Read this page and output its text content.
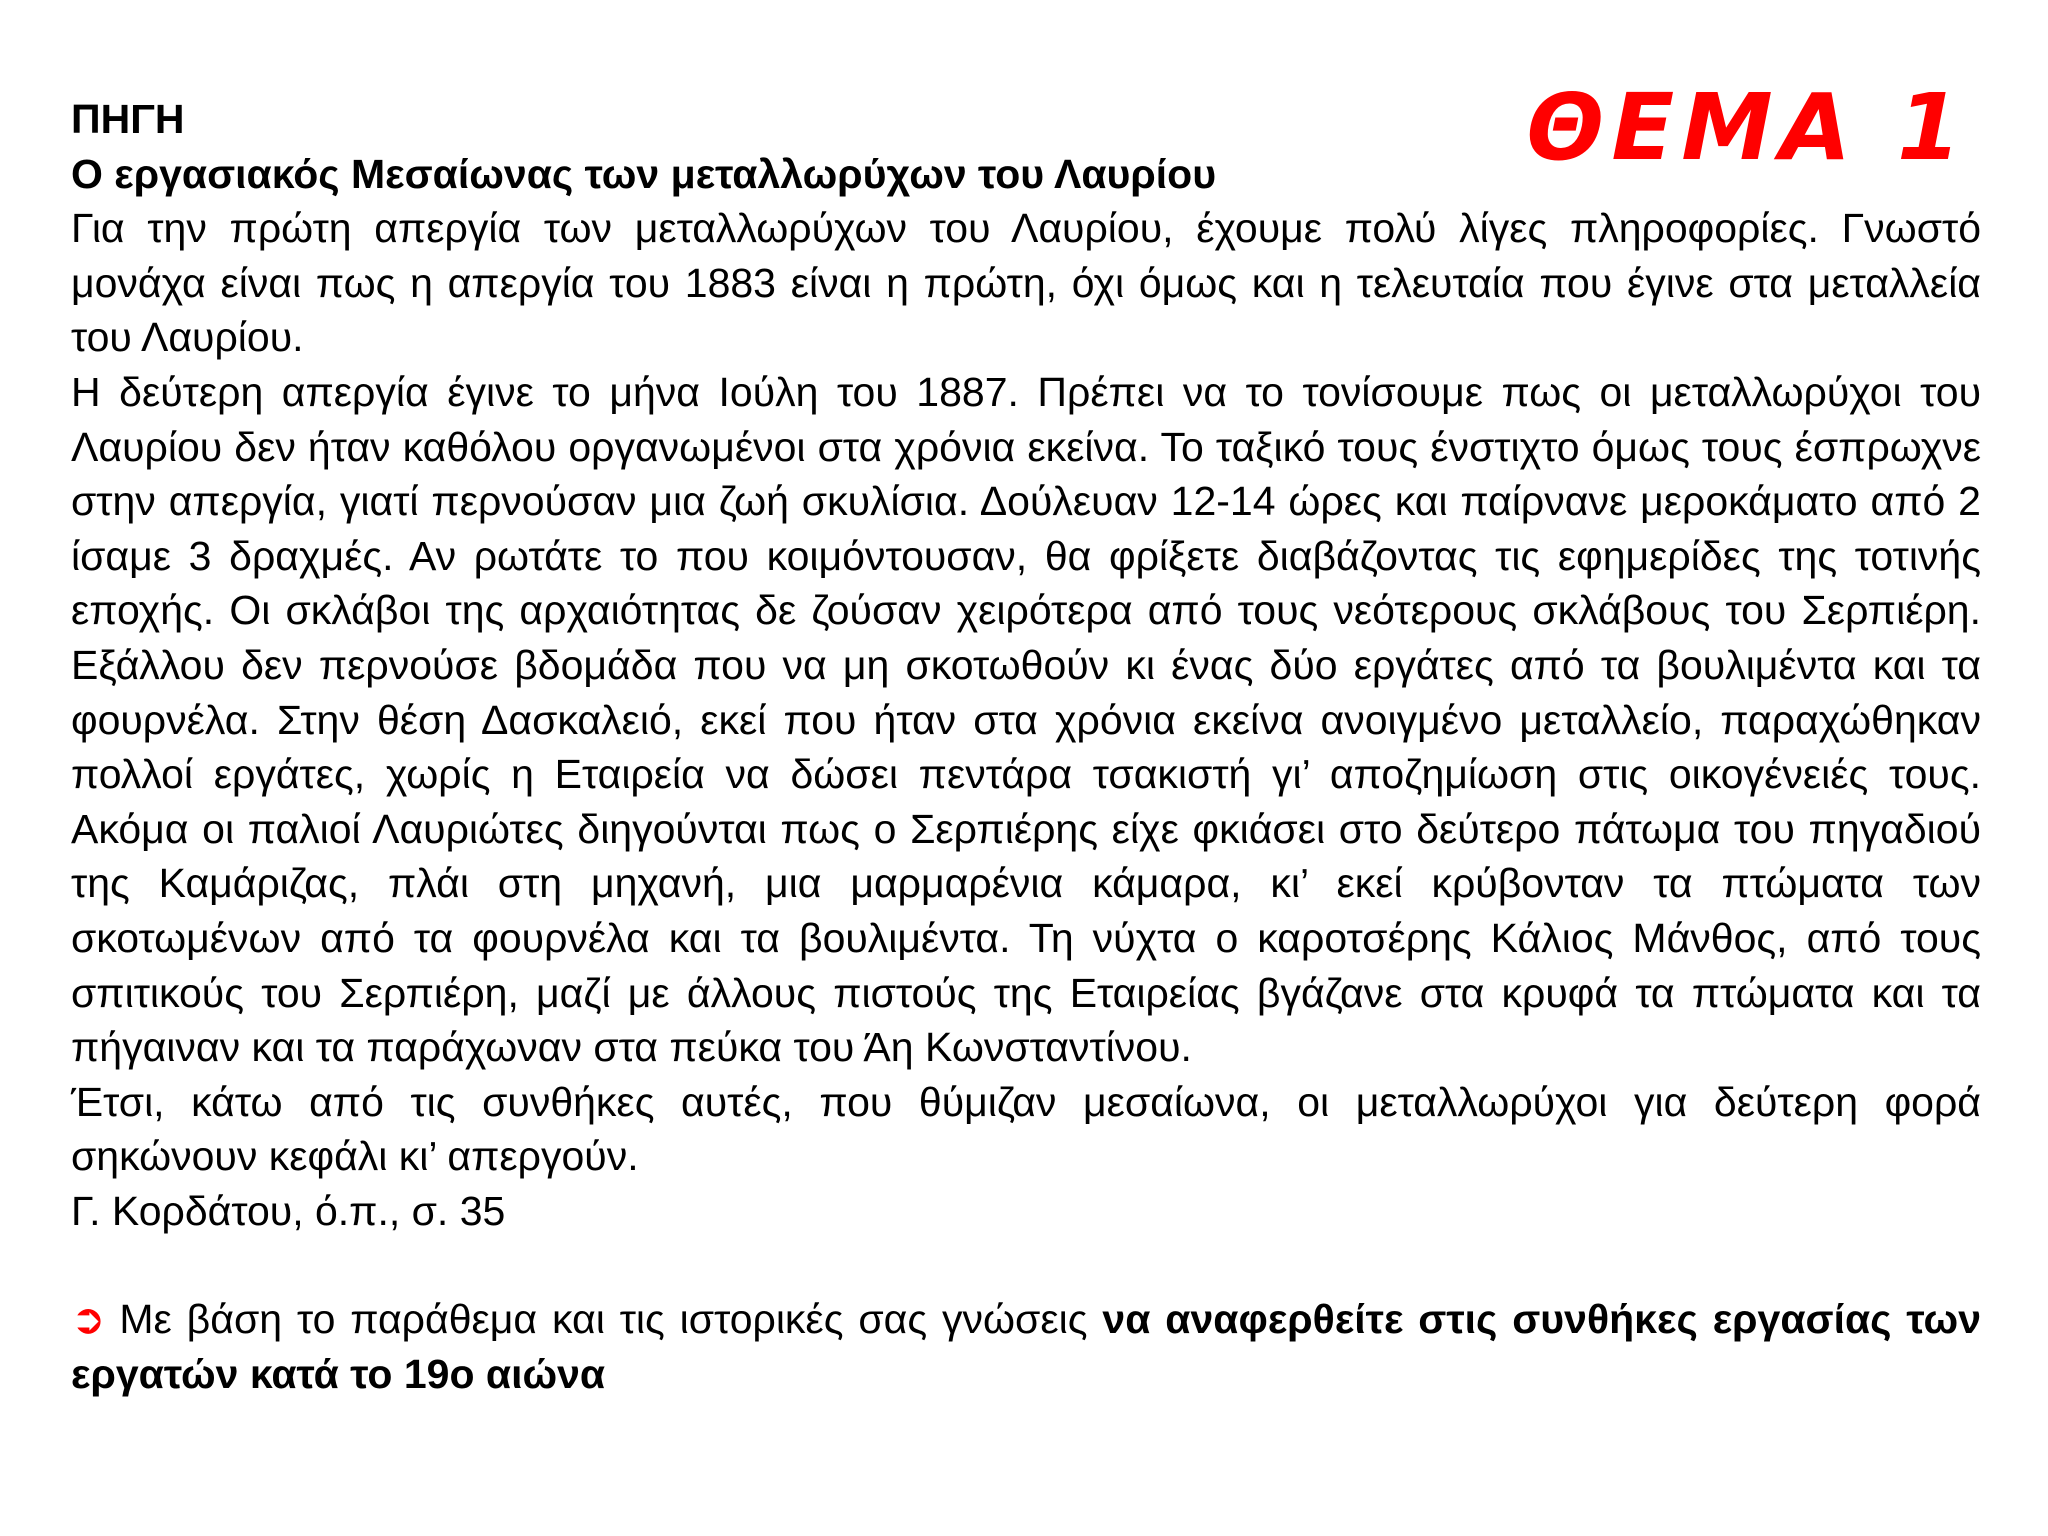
ΘΕΜΑ 1

ΠΗΓΗ

Ο εργασιακός Μεσαίωνας των μεταλλωρύχων του Λαυρίου

Για την πρώτη απεργία των μεταλλωρύχων του Λαυρίου, έχουμε πολύ λίγες πληροφορίες. Γνωστό μονάχα είναι πως η απεργία του 1883 είναι η πρώτη, όχι όμως και η τελευταία που έγινε στα μεταλλεία του Λαυρίου.

Η δεύτερη απεργία έγινε το μήνα Ιούλη του 1887. Πρέπει να το τονίσουμε πως οι μεταλλωρύχοι του Λαυρίου δεν ήταν καθόλου οργανωμένοι στα χρόνια εκείνα. Το ταξικό τους ένστιχτο όμως τους έσπρωχνε στην απεργία, γιατί περνούσαν μια ζωή σκυλίσια. Δούλευαν 12-14 ώρες και παίρνανε μεροκάματο από 2 ίσαμε 3 δραχμές. Αν ρωτάτε το που κοιμόντουσαν, θα φρίξετε διαβάζοντας τις εφημερίδες της τοτινής εποχής. Οι σκλάβοι της αρχαιότητας δε ζούσαν χειρότερα από τους νεότερους σκλάβους του Σερπιέρη. Εξάλλου δεν περνούσε βδομάδα που να μη σκοτωθούν κι ένας δύο εργάτες από τα βουλιμέντα και τα φουρνέλα. Στην θέση Δασκαλειό, εκεί που ήταν στα χρόνια εκείνα ανοιγμένο μεταλλείο, παραχώθηκαν πολλοί εργάτες, χωρίς η Εταιρεία να δώσει πεντάρα τσακιστή γι’ αποζημίωση στις οικογένειές τους. Ακόμα οι παλιοί Λαυριώτες διηγούνται πως ο Σερπιέρης είχε φκιάσει στο δεύτερο πάτωμα του πηγαδιού της Καμάριζας, πλάι στη μηχανή, μια μαρμαρένια κάμαρα, κι’ εκεί κρύβονταν τα πτώματα των σκοτωμένων από τα φουρνέλα και τα βουλιμέντα. Τη νύχτα ο καροτσέρης Κάλιος Μάνθος, από τους σπιτικούς του Σερπιέρη, μαζί με άλλους πιστούς της Εταιρείας βγάζανε στα κρυφά τα πτώματα και τα πήγαιναν και τα παράχωναν στα πεύκα του Άη Κωνσταντίνου.

Έτσι, κάτω από τις συνθήκες αυτές, που θύμιζαν μεσαίωνα, οι μεταλλωρύχοι για δεύτερη φορά σηκώνουν κεφάλι κι’ απεργούν.

Γ. Κορδάτου, ό.π., σ. 35

➲ Με βάση το παράθεμα και τις ιστορικές σας γνώσεις να αναφερθείτε στις συνθήκες εργασίας των εργατών κατά το 19ο αιώνα
